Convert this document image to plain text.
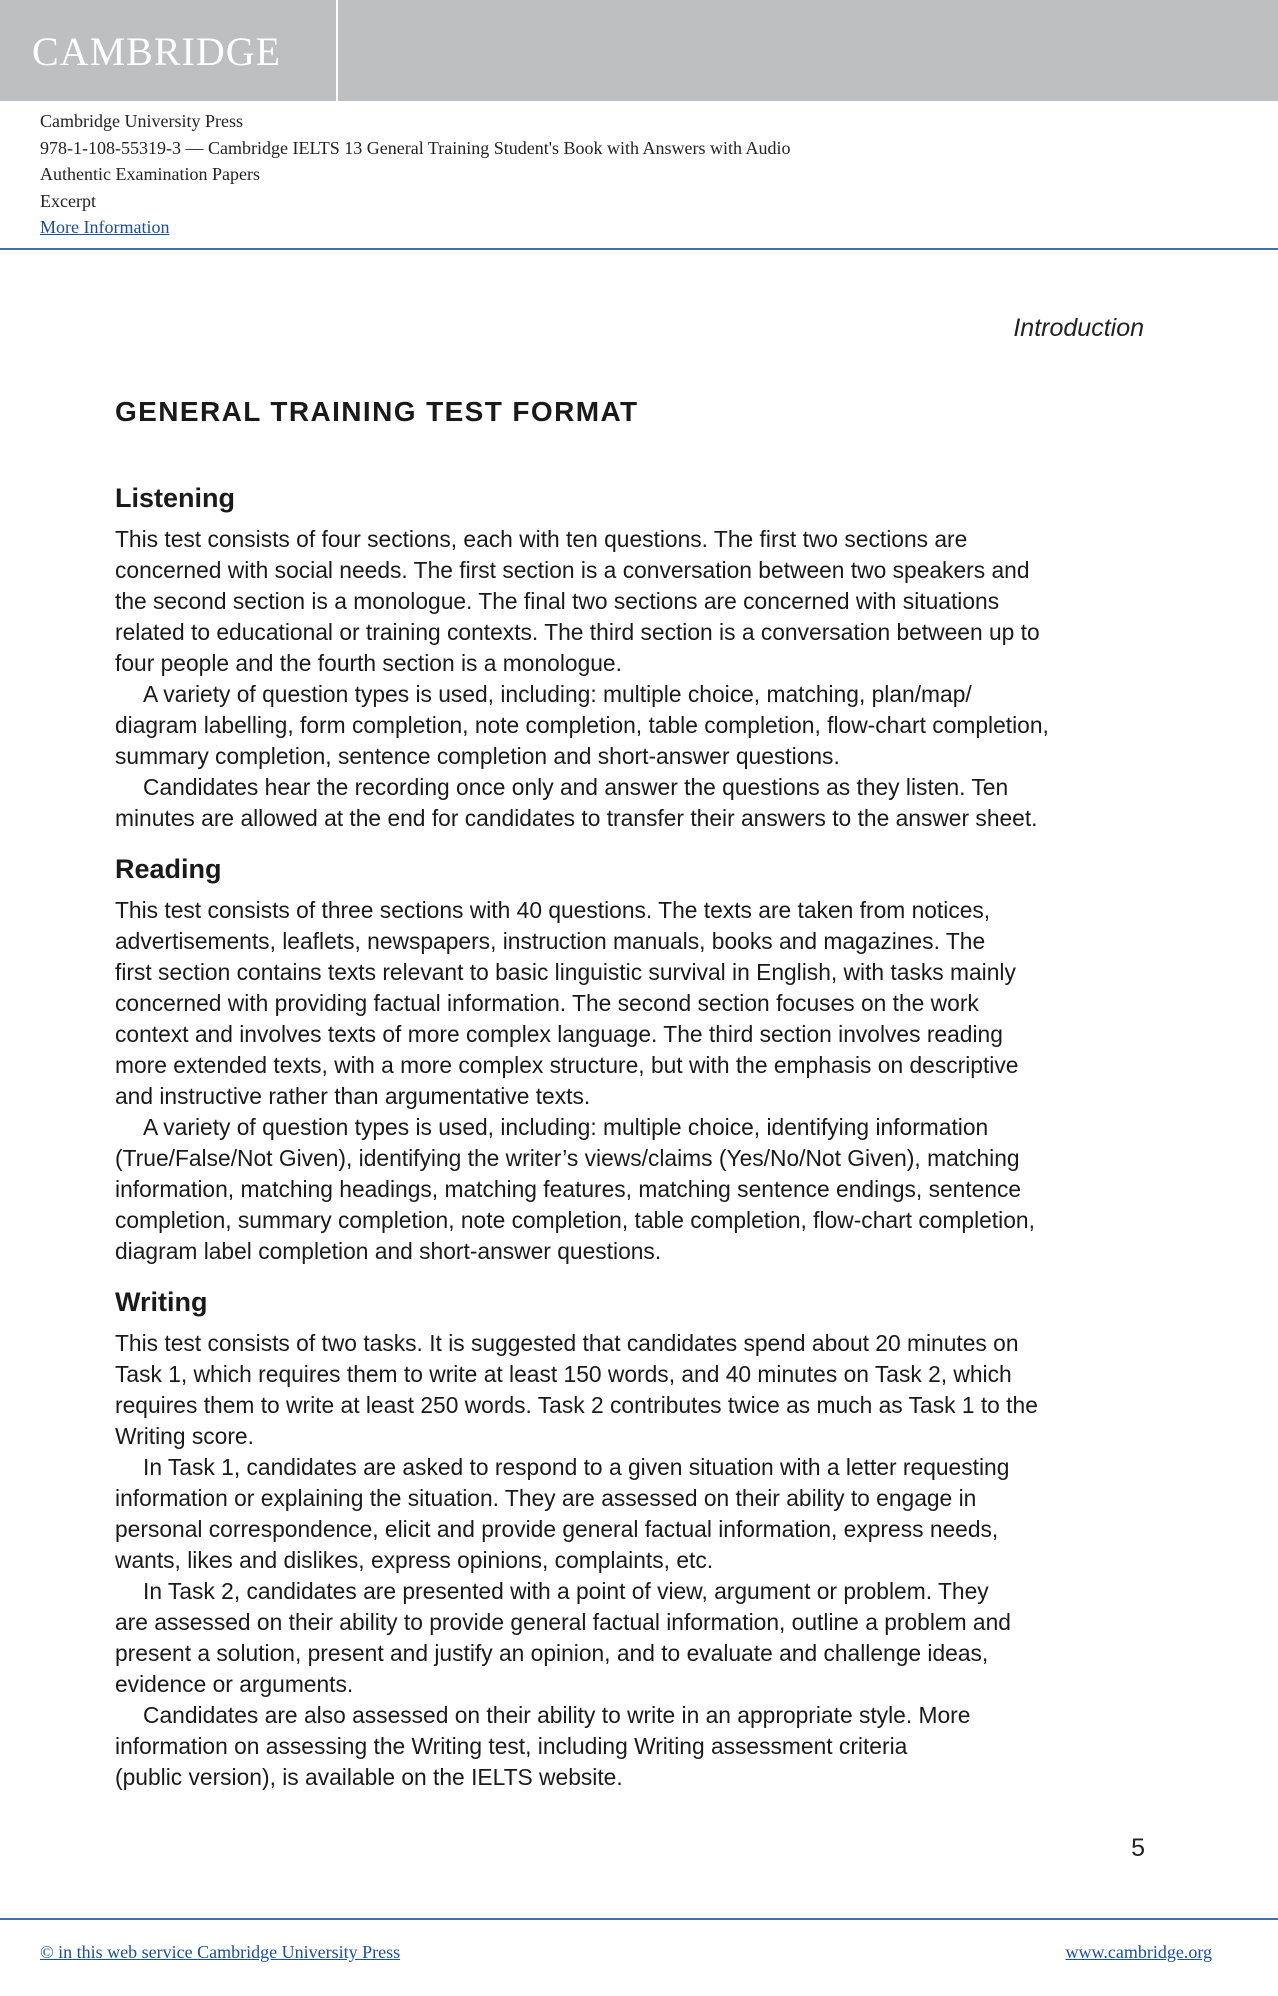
CAMBRIDGE
Cambridge University Press
978-1-108-55319-3 — Cambridge IELTS 13 General Training Student's Book with Answers with Audio
Authentic Examination Papers
Excerpt
More Information
Introduction
GENERAL TRAINING TEST FORMAT
Listening
This test consists of four sections, each with ten questions. The first two sections are
concerned with social needs. The first section is a conversation between two speakers and
the second section is a monologue. The final two sections are concerned with situations
related to educational or training contexts. The third section is a conversation between up to
four people and the fourth section is a monologue.
A variety of question types is used, including: multiple choice, matching, plan/map/
diagram labelling, form completion, note completion, table completion, flow-chart completion,
summary completion, sentence completion and short-answer questions.
Candidates hear the recording once only and answer the questions as they listen. Ten
minutes are allowed at the end for candidates to transfer their answers to the answer sheet.
Reading
This test consists of three sections with 40 questions. The texts are taken from notices,
advertisements, leaflets, newspapers, instruction manuals, books and magazines. The
first section contains texts relevant to basic linguistic survival in English, with tasks mainly
concerned with providing factual information. The second section focuses on the work
context and involves texts of more complex language. The third section involves reading
more extended texts, with a more complex structure, but with the emphasis on descriptive
and instructive rather than argumentative texts.
A variety of question types is used, including: multiple choice, identifying information
(True/False/Not Given), identifying the writer’s views/claims (Yes/No/Not Given), matching
information, matching headings, matching features, matching sentence endings, sentence
completion, summary completion, note completion, table completion, flow-chart completion,
diagram label completion and short-answer questions.
Writing
This test consists of two tasks. It is suggested that candidates spend about 20 minutes on
Task 1, which requires them to write at least 150 words, and 40 minutes on Task 2, which
requires them to write at least 250 words. Task 2 contributes twice as much as Task 1 to the
Writing score.
In Task 1, candidates are asked to respond to a given situation with a letter requesting
information or explaining the situation. They are assessed on their ability to engage in
personal correspondence, elicit and provide general factual information, express needs,
wants, likes and dislikes, express opinions, complaints, etc.
In Task 2, candidates are presented with a point of view, argument or problem. They
are assessed on their ability to provide general factual information, outline a problem and
present a solution, present and justify an opinion, and to evaluate and challenge ideas,
evidence or arguments.
Candidates are also assessed on their ability to write in an appropriate style. More
information on assessing the Writing test, including Writing assessment criteria
(public version), is available on the IELTS website.
5
© in this web service Cambridge University Press	www.cambridge.org
